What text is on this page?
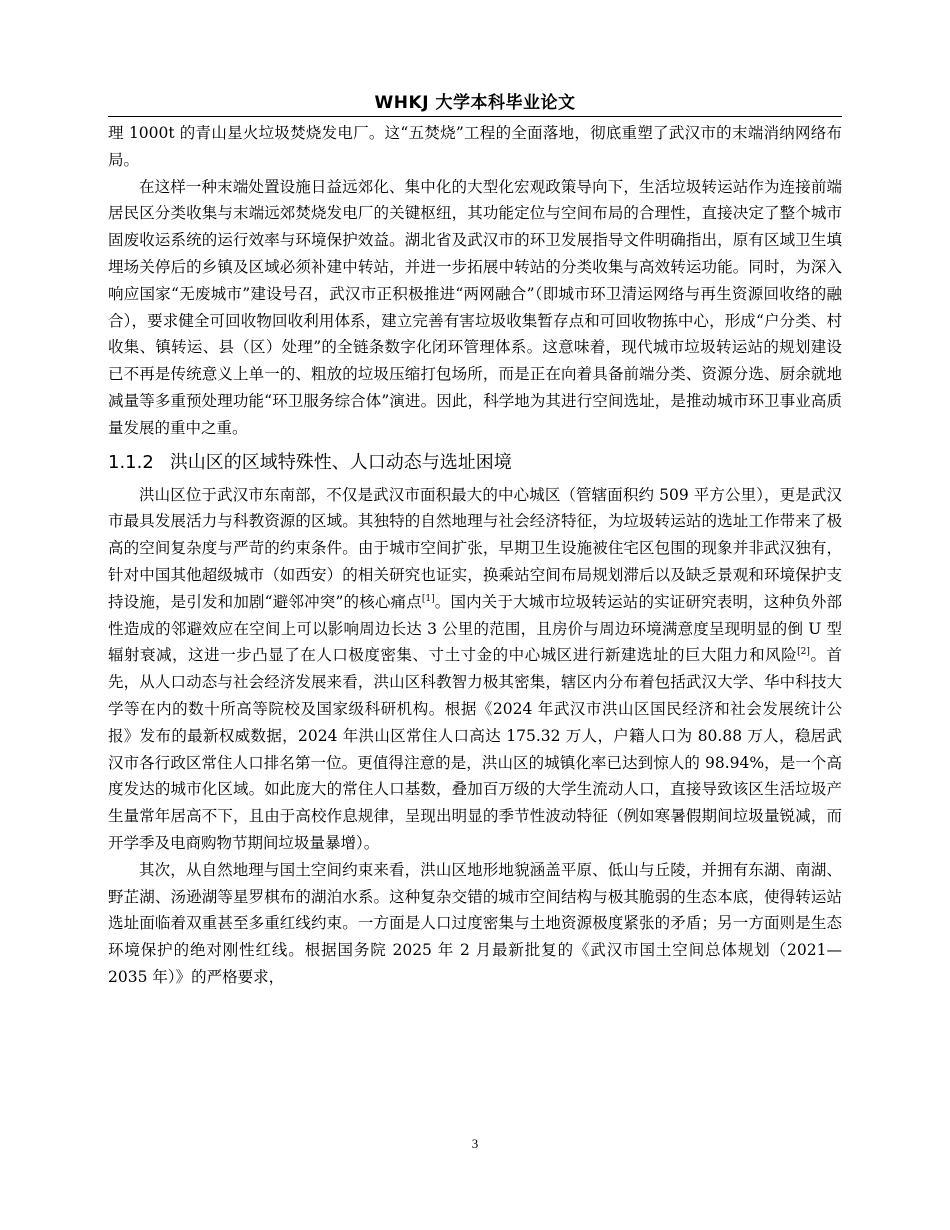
WHKJ 大学本科毕业论文

理 1000t 的青山星火垃圾焚烧发电厂。这“五焚烧”工程的全面落地，彻底重塑了武汉市的末端消纳网络布局。

在这样一种末端处置设施日益远郊化、集中化的大型化宏观政策导向下，生活垃圾转运站作为连接前端居民区分类收集与末端远郊焚烧发电厂的关键枢纽，其功能定位与空间布局的合理性，直接决定了整个城市固废收运系统的运行效率与环境保护效益。湖北省及武汉市的环卫发展指导文件明确指出，原有区域卫生填埋场关停后的乡镇及区域必须补建中转站，并进一步拓展中转站的分类收集与高效转运功能。同时，为深入响应国家“无废城市”建设号召，武汉市正积极推进“两网融合”（即城市环卫清运网络与再生资源回收络的融合），要求健全可回收物回收利用体系，建立完善有害垃圾收集暂存点和可回收物拣中心，形成“户分类、村收集、镇转运、县（区）处理”的全链条数字化闭环管理体系。这意味着，现代城市垃圾转运站的规划建设已不再是传统意义上单一的、粗放的垃圾压缩打包场所，而是正在向着具备前端分类、资源分选、厨余就地减量等多重预处理功能“环卫服务综合体”演进。因此，科学地为其进行空间选址，是推动城市环卫事业高质量发展的重中之重。

1.1.2 洪山区的区域特殊性、人口动态与选址困境

洪山区位于武汉市东南部，不仅是武汉市面积最大的中心城区（管辖面积约 509 平方公里），更是武汉市最具发展活力与科教资源的区域。其独特的自然地理与社会经济特征，为垃圾转运站的选址工作带来了极高的空间复杂度与严苛的约束条件。由于城市空间扩张，早期卫生设施被住宅区包围的现象并非武汉独有，针对中国其他超级城市（如西安）的相关研究也证实，换乘站空间布局规划滞后以及缺乏景观和环境保护支持设施，是引发和加剧“避邻冲突”的核心痛点[1]。国内关于大城市垃圾转运站的实证研究表明，这种负外部性造成的邻避效应在空间上可以影响周边长达 3 公里的范围，且房价与周边环境满意度呈现明显的倒 U 型辐射衰减，这进一步凸显了在人口极度密集、寸土寸金的中心城区进行新建选址的巨大阻力和风险[2]。首先，从人口动态与社会经济发展来看，洪山区科教智力极其密集，辖区内分布着包括武汉大学、华中科技大学等在内的数十所高等院校及国家级科研机构。根据《2024 年武汉市洪山区国民经济和社会发展统计公报》发布的最新权威数据，2024 年洪山区常住人口高达 175.32 万人，户籍人口为 80.88 万人，稳居武汉市各行政区常住人口排名第一位。更值得注意的是，洪山区的城镇化率已达到惊人的 98.94%，是一个高度发达的城市化区域。如此庞大的常住人口基数，叠加百万级的大学生流动人口，直接导致该区生活垃圾产生量常年居高不下，且由于高校作息规律，呈现出明显的季节性波动特征（例如寒暑假期间垃圾量锐减，而开学季及电商购物节期间垃圾量暴增）。

其次，从自然地理与国土空间约束来看，洪山区地形地貌涵盖平原、低山与丘陵，并拥有东湖、南湖、野芷湖、汤逊湖等星罗棋布的湖泊水系。这种复杂交错的城市空间结构与极其脆弱的生态本底，使得转运站选址面临着双重甚至多重红线约束。一方面是人口过度密集与土地资源极度紧张的矛盾；另一方面则是生态环境保护的绝对刚性红线。根据国务院 2025 年 2 月最新批复的《武汉市国土空间总体规划（2021—2035 年）》的严格要求，

3
